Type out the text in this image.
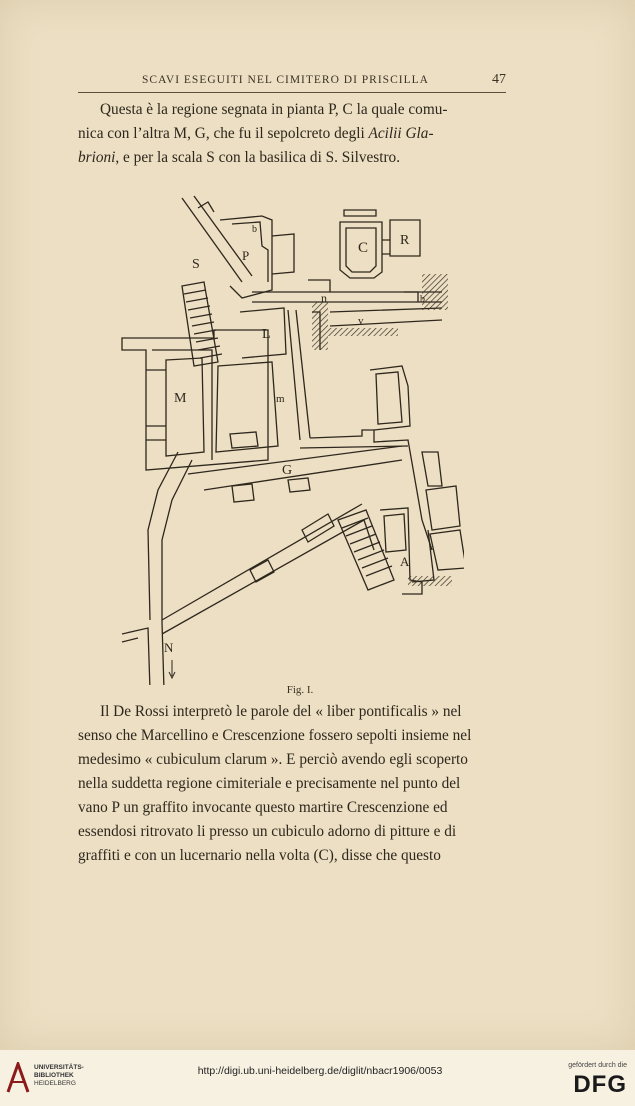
SCAVI ESEGUITI NEL CIMITERO DI PRISCILLA	47

Questa è la regione segnata in pianta P, C la quale comu-
nica con l’altra M, G, che fu il sepolcreto degli Acilii Gla-
brioni, e per la scala S con la basilica di S. Silvestro.

S
P
b
C R
n	b
v
L
M	m
G
A
N
Fig. I.

Il De Rossi interpretò le parole del « liber pontificalis » nel
senso che Marcellino e Crescenzione fossero sepolti insieme nel
medesimo « cubiculum clarum ». E perciò avendo egli scoperto
nella suddetta regione cimiteriale e precisamente nel punto del
vano P un graffito invocante questo martire Crescenzione ed
essendosi ritrovato li presso un cubiculo adorno di pitture e di
graffiti e con un lucernario nella volta (C), disse che questo

UNIVERSITÄTS-
BIBLIOTHEK
HEIDELBERG
http://digi.ub.uni-heidelberg.de/diglit/nbacr1906/0053	gefördert durch die
DFG
